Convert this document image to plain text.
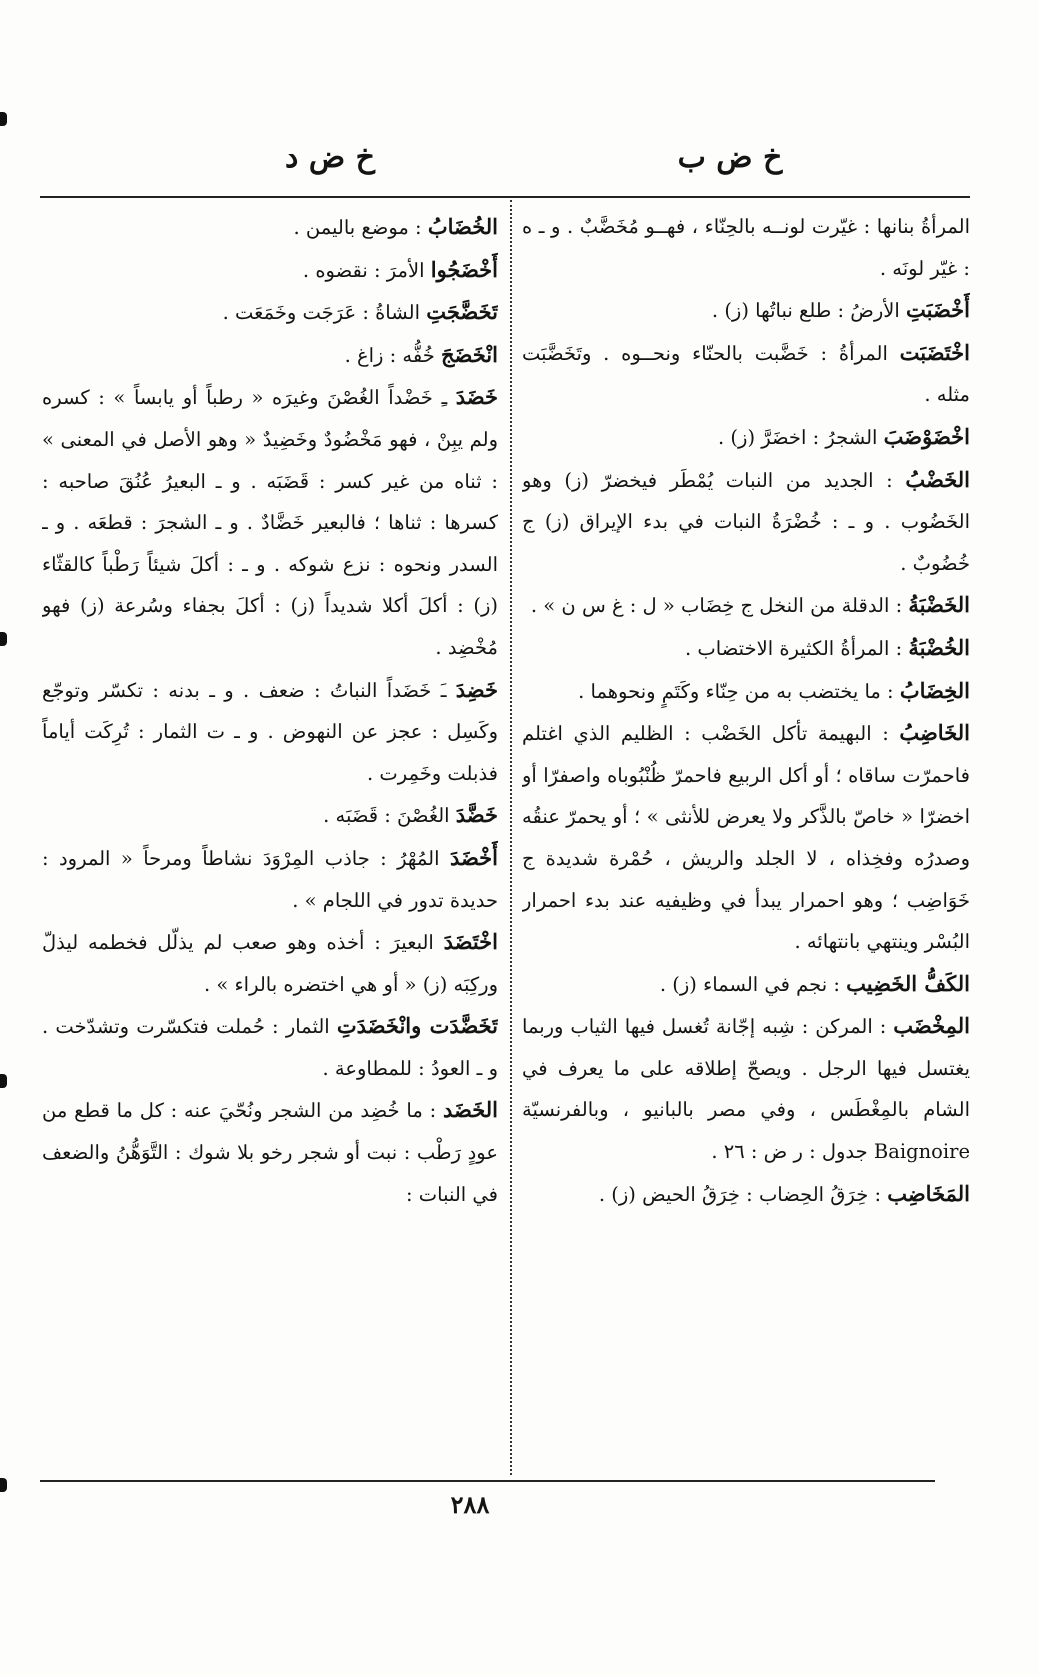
خ ض د	خ ض ب

المرأةُ بنانها : غيّرت لونــه بالحِنّاء ، فهــو مُخَضَّبٌ . و ـ ه : غيّر لونَه .

أَخْضَبَتِ الأرضُ : طلع نباتُها (ز) .

اخْتَضَبَت المرأةُ : خَضَّبت بالحنّاء ونحــوه . وتَخَضَّبَت مثله .

اخْضَوْضَبَ الشجرُ : اخضَرَّ (ز) .

الخَضْبُ : الجديد من النبات يُمْطَر فيخضرّ (ز) وهو الخَضُوب . و ـ : خُضْرَةُ النبات في بدء الإيراق (ز) ج خُضُوبٌ .

الخَضْبَةُ : الدقلة من النخل ج خِضَاب « ل : غ س ن » .

الخُضْبَةُ : المرأةُ الكثيرة الاختضاب .

الخِضَابُ : ما يختضب به من حِنّاء وكَتَمٍ ونحوهما .

الخَاضِبُ : البهيمة تأكل الخَضْب : الظليم الذي اغتلم فاحمرّت ساقاه ؛ أو أكل الربيع فاحمرّ ظُنْبُوباه واصفرّا أو اخضرّا « خاصّ بالذَّكر ولا يعرض للأنثى » ؛ أو يحمرّ عنقُه وصدرُه وفخِذاه ، لا الجلد والريش ، حُمْرة شديدة ج خَوَاضِب ؛ وهو احمرار يبدأ في وظيفيه عند بدء احمرار البُسْر وينتهي بانتهائه .

الكَفُّ الخَضِيب : نجم في السماء (ز) .

المِخْضَب : المركن : شِبه إجّانة تُغسل فيها الثياب وربما يغتسل فيها الرجل . ويصحّ إطلاقه على ما يعرف في الشام بالمِغْطَس ، وفي مصر بالبانيو ، وبالفرنسيّة Baignoire جدول : ر ض : ٢٦ .

المَخَاضِب : خِرَقُ الحِضاب : خِرَقُ الحيض (ز) .

الخُضَابُ : موضع باليمن .

أَخْضَجُوا الأمرَ : نقضوه .

تَخَضَّجَتِ الشاةُ : عَرَجَت وخَمَعَت .

انْخَضَجَ خُفُّه : زاغ .

خَضَدَ ـِ خَضْداً الغُصْنَ وغيرَه « رطباً أو يابساً » : كسره ولم يبِنْ ، فهو مَخْضُودٌ وخَضِيدٌ « وهو الأصل في المعنى » : ثناه من غير كسر : قَضَبَه . و ـ البعيرُ عُنُقَ صاحبه : كسرها : ثناها ؛ فالبعير خَضَّادٌ . و ـ الشجرَ : قطعَه . و ـ السدر ونحوه : نزع شوكه . و ـ : أكلَ شيئاً رَطْباً كالقثّاء (ز) : أكلَ أكلا شديداً (ز) : أكلَ بجفاء وسُرعة (ز) فهو مُخْضِد .

خَضِدَ ـَ خَضَداً النباتُ : ضعف . و ـ بدنه : تكسّر وتوجّع وكَسِل : عجز عن النهوض . و ـ ت الثمار : تُرِكَت أياماً فذبلت وخَمِرت .

خَضَّدَ الغُصْنَ : قَضَبَه .

أَخْضَدَ المُهْرُ : جاذب المِرْوَدَ نشاطاً ومرحاً « المرود : حديدة تدور في اللجام » .

اخْتَضَدَ البعيرَ : أخذه وهو صعب لم يذلّل فخطمه ليذلّ وركِبَه (ز) « أو هي اختضره بالراء » .

تَخَضَّدَت وانْخَضَدَتِ الثمار : حُملت فتكسّرت وتشدّخت . و ـ العودُ : للمطاوعة .

الخَضَد : ما خُضِد من الشجر ونُحّيَ عنه : كل ما قطع من عودٍ رَطْب : نبت أو شجر رخو بلا شوك : التَّوَهُّنُ والضعف في النبات :

٢٨٨
